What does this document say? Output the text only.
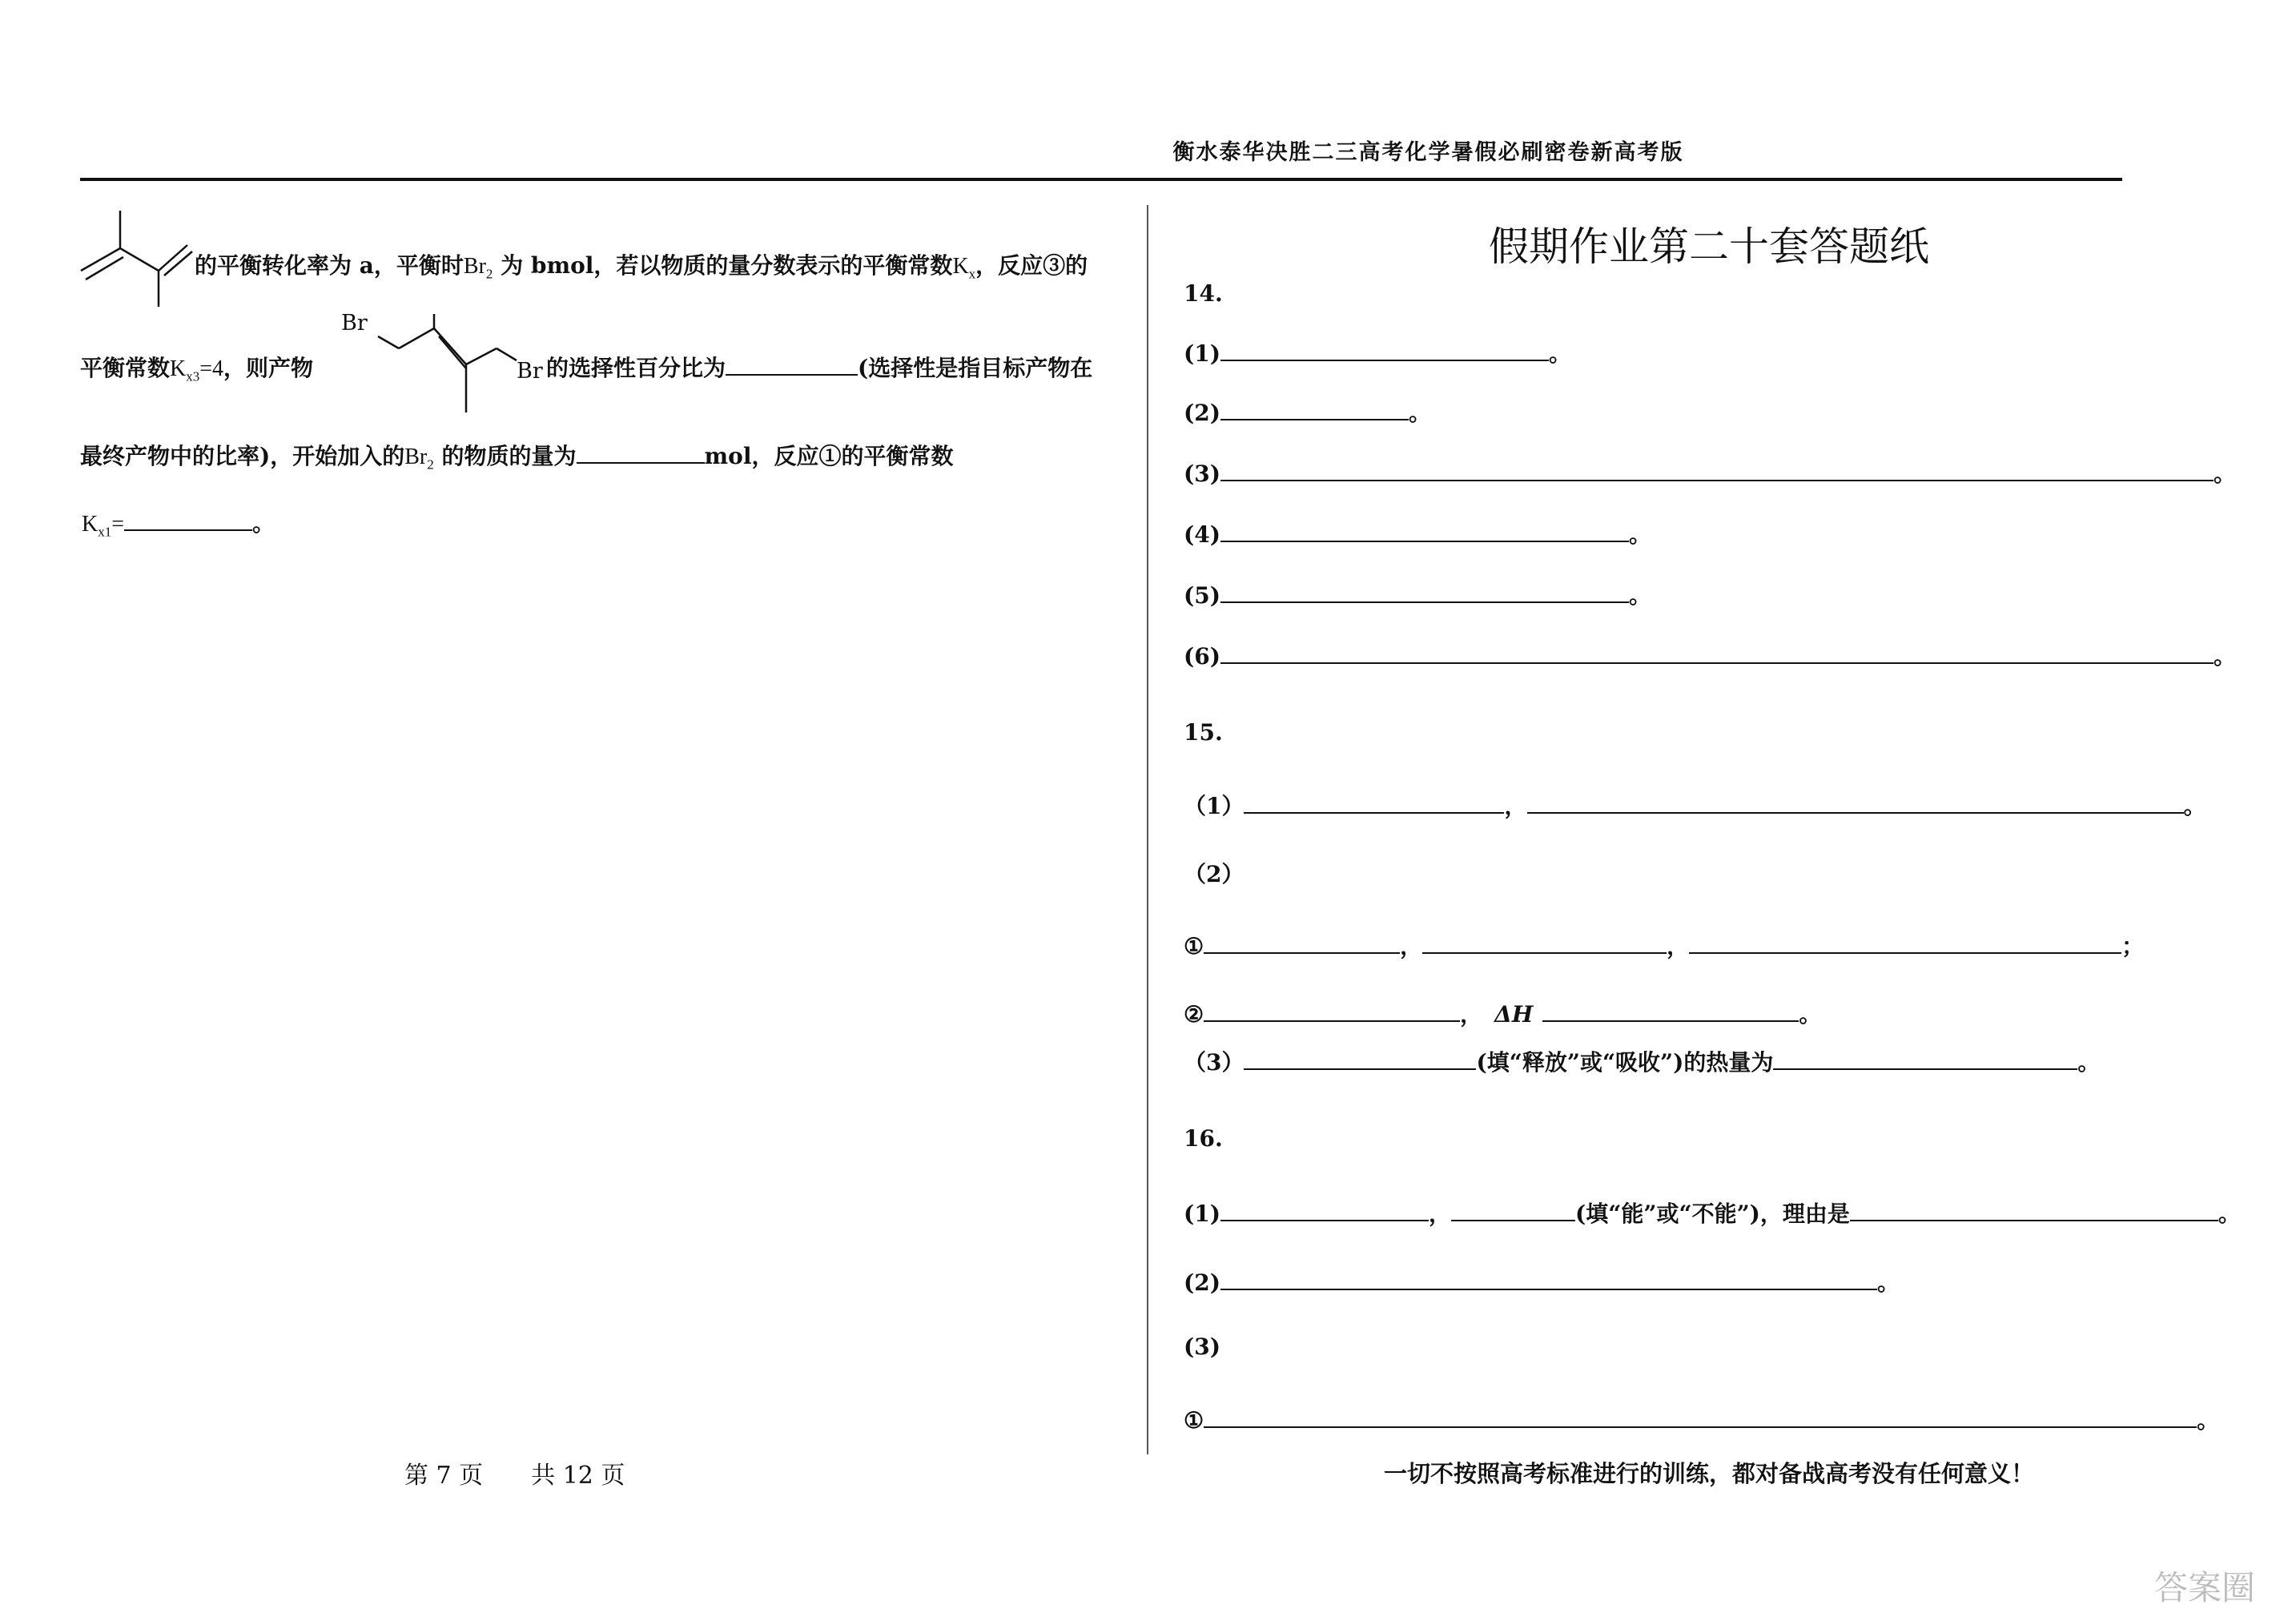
衡水泰华决胜二三高考化学暑假必刷密卷新高考版
的平衡转化率为 a，平衡时$Br_2$ 为 bmol，若以物质的量分数表示的平衡常数$K_x$，反应③的
平衡常数$K_{x3}=4$，则产物
Br
Br 的选择性百分比为	(选择性是指目标产物在
最终产物中的比率)，开始加入的$Br_2$ 的物质的量为	mol，反应①的平衡常数
$K_{x1}=$	。
假期作业第二十套答题纸
14.
(1)	。
(2)	。
(3)	。
(4)	。
(5)	。
(6)	。
15.
（1）	，	。
（2）
①	，	，	；
②	， ΔH	。
（3）	(填“释放”或“吸收”)的热量为	。
16.
(1)	，	(填“能”或“不能”)，理由是	。
(2)	。
(3)
①	。
第 7 页　　共 12 页	一切不按照高考标准进行的训练，都对备战高考没有任何意义！
答案圈
